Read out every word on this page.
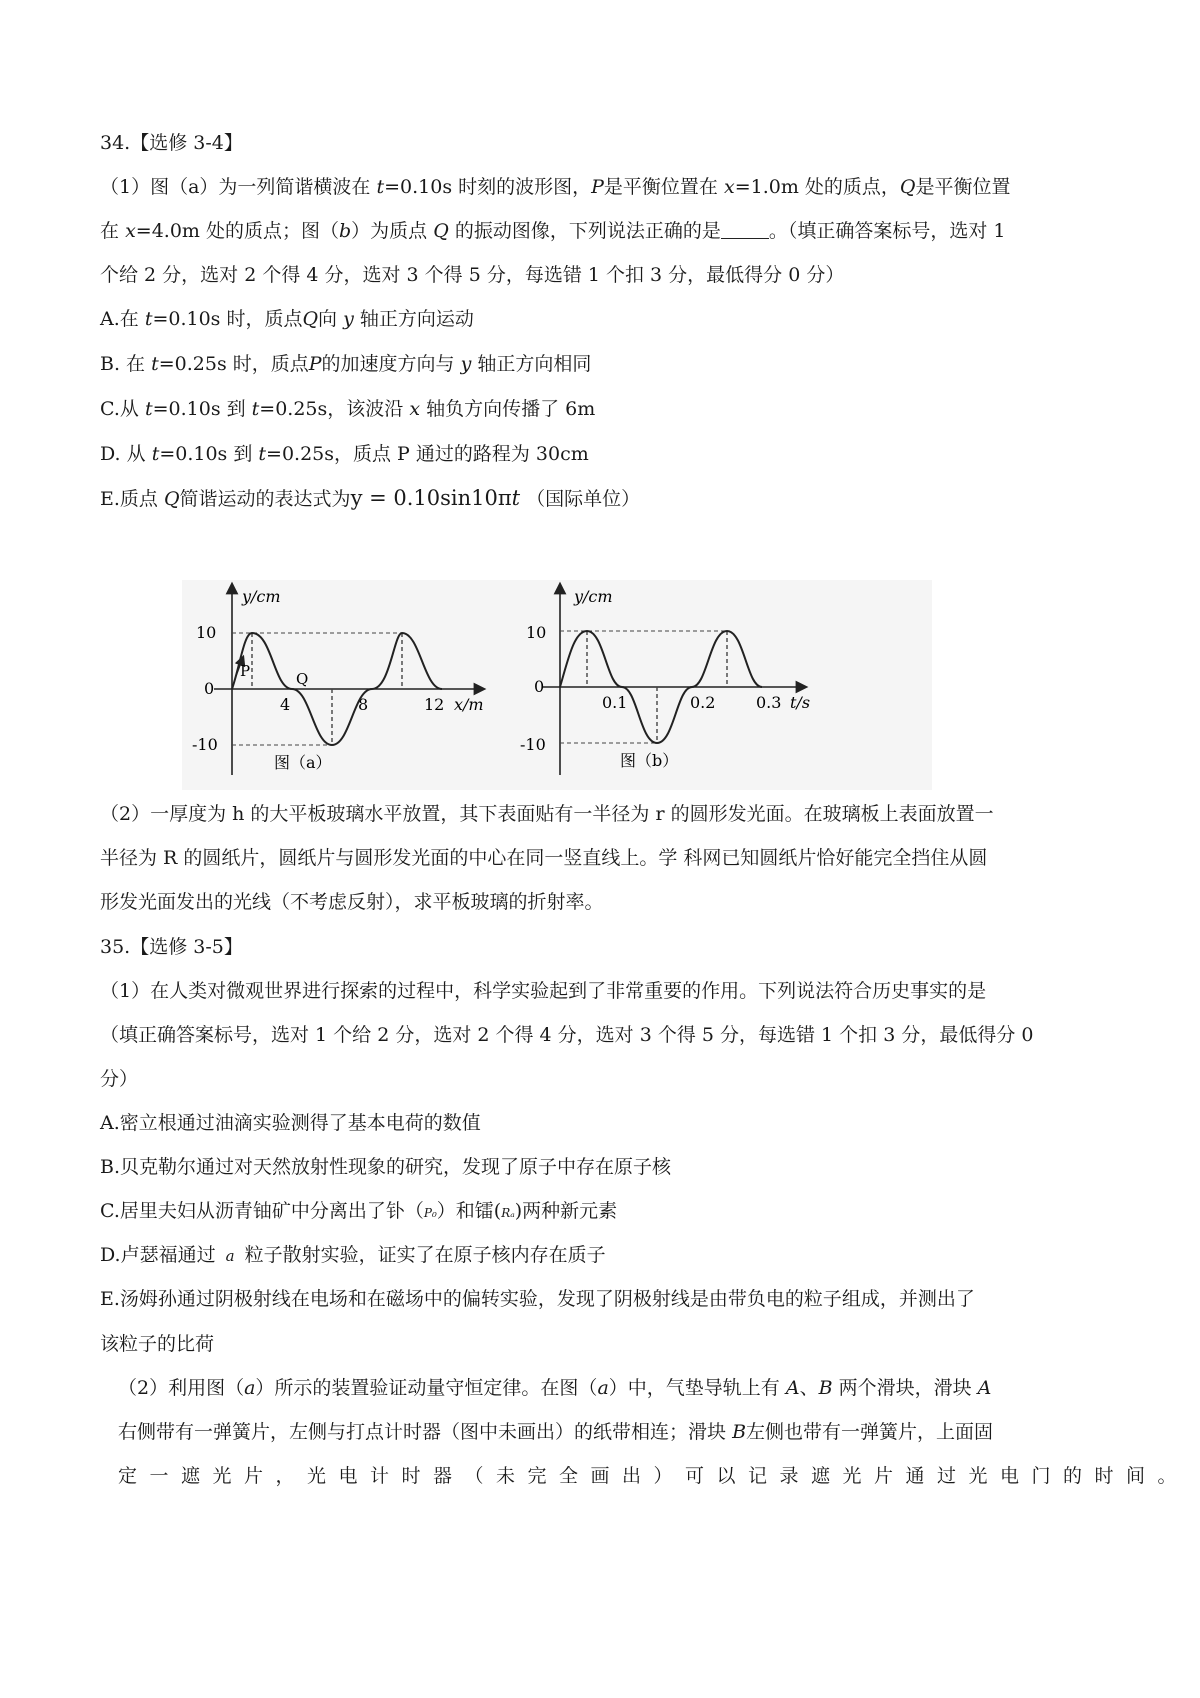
34.【选修 3-4】
（1）图（a）为一列简谐横波在 t=0.10s 时刻的波形图，P是平衡位置在 x=1.0m 处的质点，Q是平衡位置
在 x=4.0m 处的质点；图（b）为质点 Q 的振动图像，下列说法正确的是	。（填正确答案标号，选对 1
个给 2 分，选对 2 个得 4 分，选对 3 个得 5 分，每选错 1 个扣 3 分，最低得分 0 分）
A.在 t=0.10s 时，质点Q向 y 轴正方向运动
B. 在 t=0.25s 时，质点P的加速度方向与 y 轴正方向相同
C.从 t=0.10s 到 t=0.25s，该波沿 x 轴负方向传播了 6m
D. 从 t=0.10s 到 t=0.25s，质点 P 通过的路程为 30cm
E.质点 Q简谐运动的表达式为y = 0.10sin10πt （国际单位）
y/cm
x/m
10
0
-10
4	8	12
P	Q
图（a）
y/cm
t/s
10
0
-10
0.1	0.2	0.3
图（b）
（2）一厚度为 h 的大平板玻璃水平放置，其下表面贴有一半径为 r 的圆形发光面。在玻璃板上表面放置一
半径为 R 的圆纸片，圆纸片与圆形发光面的中心在同一竖直线上。学 科网已知圆纸片恰好能完全挡住从圆
形发光面发出的光线（不考虑反射），求平板玻璃的折射率。
35.【选修 3-5】
（1）在人类对微观世界进行探索的过程中，科学实验起到了非常重要的作用。下列说法符合历史事实的是
（填正确答案标号，选对 1 个给 2 分，选对 2 个得 4 分，选对 3 个得 5 分，每选错 1 个扣 3 分，最低得分 0
分）
A.密立根通过油滴实验测得了基本电荷的数值
B.贝克勒尔通过对天然放射性现象的研究，发现了原子中存在原子核
C.居里夫妇从沥青铀矿中分离出了钋（P₀）和镭(Rₐ)两种新元素
D.卢瑟福通过 a 粒子散射实验，证实了在原子核内存在质子
E.汤姆孙通过阴极射线在电场和在磁场中的偏转实验，发现了阴极射线是由带负电的粒子组成，并测出了
该粒子的比荷
（2）利用图（a）所示的装置验证动量守恒定律。在图（a）中，气垫导轨上有 A、B 两个滑块，滑块 A
右侧带有一弹簧片，左侧与打点计时器（图中未画出）的纸带相连；滑块 B左侧也带有一弹簧片，上面固
定一遮光片，光电计时器（未完全画出）可以记录遮光片通过光电门的时间。
